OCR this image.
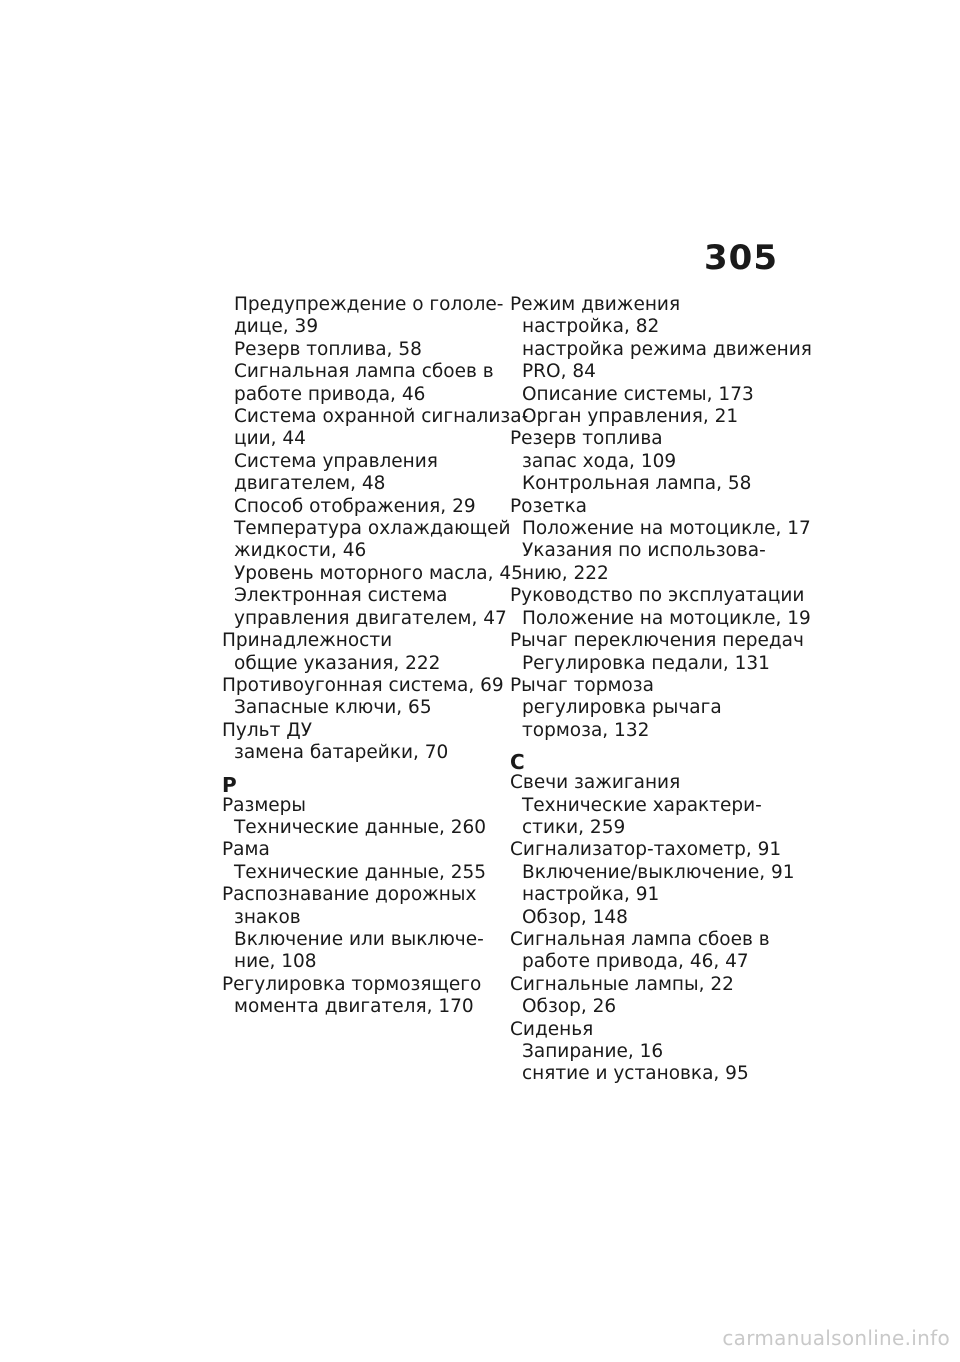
305
Предупреждение о гололе-
дице, 39
Резерв топлива, 58
Сигнальная лампа сбоев в
работе привода, 46
Система охранной сигнализа-
ции, 44
Система управления
двигателем, 48
Способ отображения, 29
Температура охлаждающей
жидкости, 46
Уровень моторного масла, 45
Электронная система
управления двигателем, 47
Принадлежности
общие указания, 222
Противоугонная система, 69
Запасные ключи, 65
Пульт ДУ
замена батарейки, 70
Р
Размеры
Технические данные, 260
Рама
Технические данные, 255
Распознавание дорожных
знаков
Включение или выключе-
ние, 108
Регулировка тормозящего
момента двигателя, 170
Режим движения
настройка, 82
настройка режима движения
PRO, 84
Описание системы, 173
Орган управления, 21
Резерв топлива
запас хода, 109
Контрольная лампа, 58
Розетка
Положение на мотоцикле, 17
Указания по использова-
нию, 222
Руководство по эксплуатации
Положение на мотоцикле, 19
Рычаг переключения передач
Регулировка педали, 131
Рычаг тормоза
регулировка рычага
тормоза, 132
С
Свечи зажигания
Технические характери-
стики, 259
Сигнализатор-тахометр, 91
Включение/выключение, 91
настройка, 91
Обзор, 148
Сигнальная лампа сбоев в
работе привода, 46, 47
Сигнальные лампы, 22
Обзор, 26
Сиденья
Запирание, 16
снятие и установка, 95
carmanualsonline.info
